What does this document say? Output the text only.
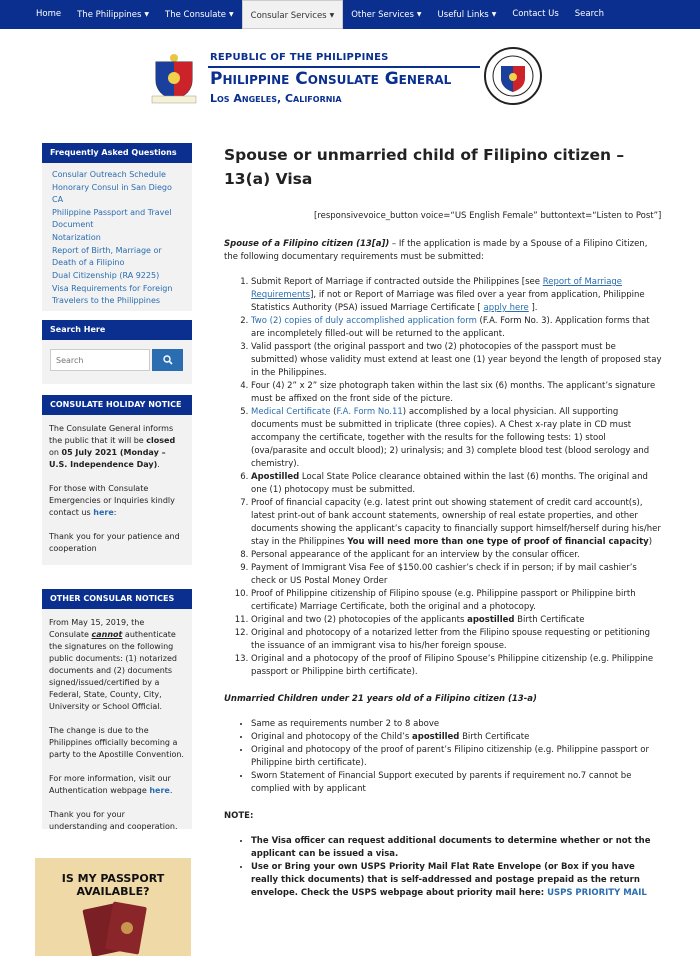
Home	The Philippines ▼	The Consulate ▼	Consular Services ▼	Other Services ▼	Useful Links ▼	Contact Us	Search
REPUBLIC OF THE PHILIPPINES
Philippine Consulate General
Los Angeles, California
Frequently Asked Questions
Consular Outreach Schedule
Honorary Consul in San Diego CA
Philippine Passport and Travel Document
Notarization
Report of Birth, Marriage or Death of a Filipino
Dual Citizenship (RA 9225)
Visa Requirements for Foreign Travelers to the Philippines
Search Here
Search
CONSULATE HOLIDAY NOTICE

The Consulate General informs the public that it will be closed on 05 July 2021 (Monday – U.S. Independence Day).

For those with Consulate Emergencies or Inquiries kindly contact us here:

Thank you for your patience and cooperation

OTHER CONSULAR NOTICES

From May 15, 2019, the Consulate cannot authenticate the signatures on the following public documents: (1) notarized documents and (2) documents signed/issued/certified by a Federal, State, County, City, University or School Official.

The change is due to the Philippines officially becoming a party to the Apostille Convention.

For more information, visit our Authentication webpage here.

Thank you for your understanding and cooperation.

IS MY PASSPORT
AVAILABLE?
Spouse or unmarried child of Filipino citizen – 13(a) Visa
[responsivevoice_button voice=“US English Female” buttontext=“Listen to Post”]

Spouse of a Filipino citizen (13[a]) – If the application is made by a Spouse of a Filipino Citizen, the following documentary requirements must be submitted:

1. Submit Report of Marriage if contracted outside the Philippines [see Report of Marriage Requirements], if not or Report of Marriage was filed over a year from application, Philippine Statistics Authority (PSA) issued Marriage Certificate [ apply here ].
2. Two (2) copies of duly accomplished application form (F.A. Form No. 3). Application forms that are incompletely filled-out will be returned to the applicant.
3. Valid passport (the original passport and two (2) photocopies of the passport must be submitted) whose validity must extend at least one (1) year beyond the length of proposed stay in the Philippines.
4. Four (4) 2” x 2” size photograph taken within the last six (6) months. The applicant’s signature must be affixed on the front side of the picture.
5. Medical Certificate (F.A. Form No.11) accomplished by a local physician. All supporting documents must be submitted in triplicate (three copies). A Chest x-ray plate in CD must accompany the certificate, together with the results for the following tests: 1) stool (ova/parasite and occult blood); 2) urinalysis; and 3) complete blood test (blood serology and chemistry).
6. Apostilled Local State Police clearance obtained within the last (6) months. The original and one (1) photocopy must be submitted.
7. Proof of financial capacity (e.g. latest print out showing statement of credit card account(s), latest print-out of bank account statements, ownership of real estate properties, and other documents showing the applicant’s capacity to financially support himself/herself during his/her stay in the Philippines You will need more than one type of proof of financial capacity)
8. Personal appearance of the applicant for an interview by the consular officer.
9. Payment of Immigrant Visa Fee of $150.00 cashier’s check if in person; if by mail cashier’s check or US Postal Money Order
10. Proof of Philippine citizenship of Filipino spouse (e.g. Philippine passport or Philippine birth certificate) Marriage Certificate, both the original and a photocopy.
11. Original and two (2) photocopies of the applicants apostilled Birth Certificate
12. Original and photocopy of a notarized letter from the Filipino spouse requesting or petitioning the issuance of an immigrant visa to his/her foreign spouse.
13. Original and a photocopy of the proof of Filipino Spouse’s Philippine citizenship (e.g. Philippine passport or Philippine birth certificate).

Unmarried Children under 21 years old of a Filipino citizen (13-a)

• Same as requirements number 2 to 8 above
• Original and photocopy of the Child’s apostilled Birth Certificate
• Original and photocopy of the proof of parent’s Filipino citizenship (e.g. Philippine passport or Philippine birth certificate).
• Sworn Statement of Financial Support executed by parents if requirement no.7 cannot be complied with by applicant

NOTE:

• The Visa officer can request additional documents to determine whether or not the applicant can be issued a visa.
• Use or Bring your own USPS Priority Mail Flat Rate Envelope (or Box if you have really thick documents) that is self-addressed and postage prepaid as the return envelope. Check the USPS webpage about priority mail here: USPS PRIORITY MAIL
